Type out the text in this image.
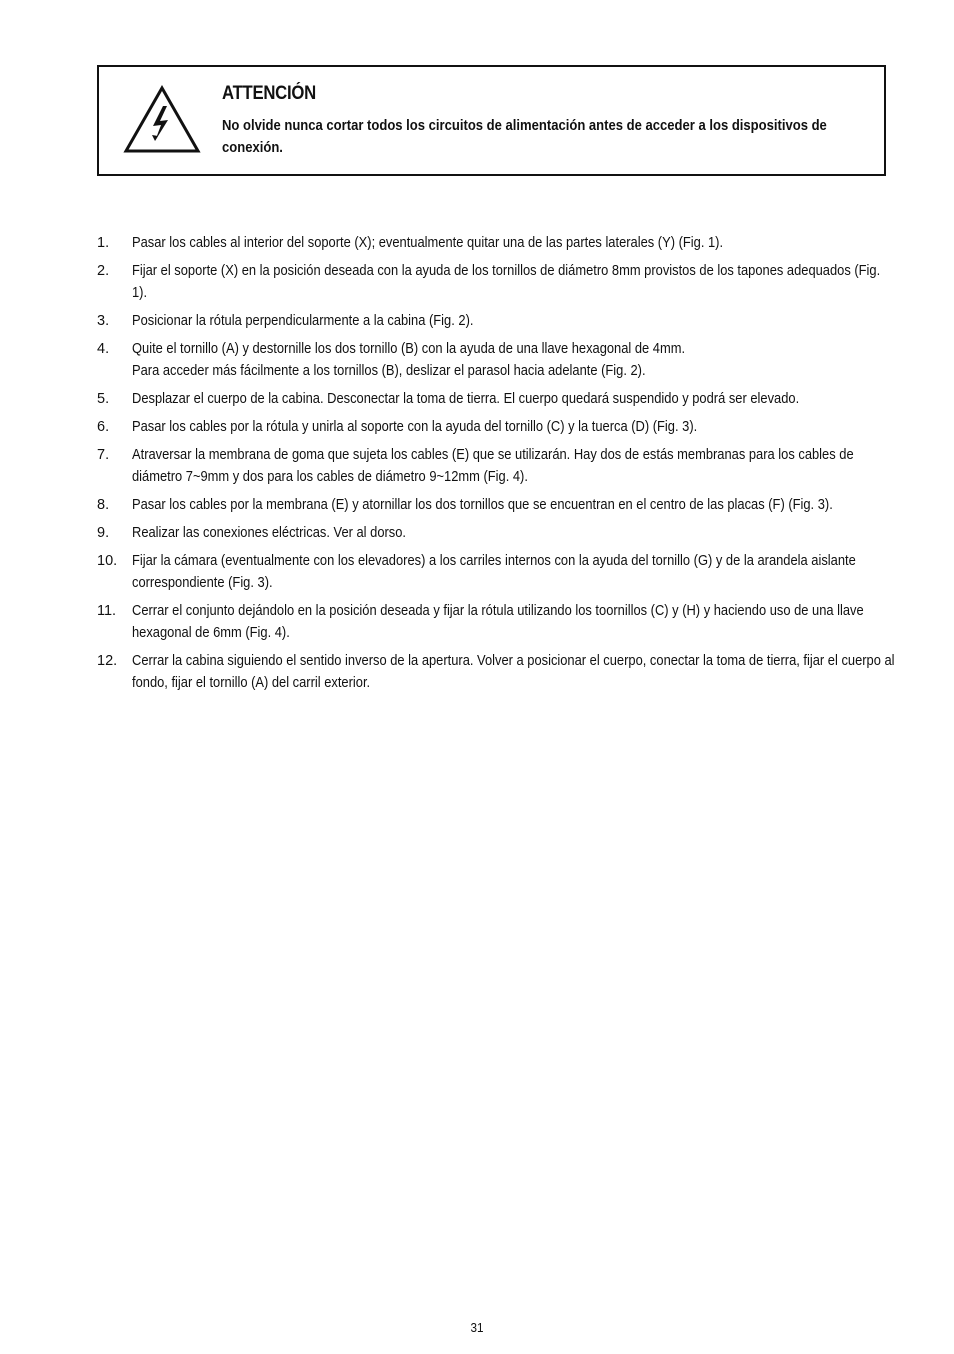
ATTENCIÓN
No olvide nunca cortar todos los circuitos de alimentación antes de acceder a los dispositivos de conexión.
1.	Pasar los cables al interior del soporte (X); eventualmente quitar una de las partes laterales (Y) (Fig. 1).
2.	Fijar el soporte (X) en la posición deseada con la ayuda de los tornillos de diámetro 8mm provistos de los tapones adequados (Fig. 1).
3.	Posicionar la rótula perpendicularmente a la cabina (Fig. 2).
4.	Quite el tornillo (A) y destornille los dos tornillo (B) con la ayuda de una llave hexagonal de 4mm.
Para acceder más fácilmente a los tornillos (B), deslizar el parasol hacia adelante (Fig. 2).
5.	Desplazar el cuerpo de la cabina. Desconectar la toma de tierra. El cuerpo quedará suspendido y podrá ser elevado.
6.	Pasar los cables por la rótula y unirla al soporte con la ayuda del tornillo (C) y la tuerca (D) (Fig. 3).
7.	Atraversar la membrana de goma que sujeta los cables (E) que se utilizarán. Hay dos de estás membranas para los cables de diámetro 7~9mm y dos para los cables de diámetro 9~12mm (Fig. 4).
8.	Pasar los cables por la membrana (E) y atornillar los dos tornillos que se encuentran en el centro de las placas (F) (Fig. 3).
9.	Realizar las conexiones eléctricas. Ver al dorso.
10.	Fijar la cámara (eventualmente con los elevadores) a los carriles internos con la ayuda del tornillo (G) y de la arandela aislante correspondiente (Fig. 3).
11.	Cerrar el conjunto dejándolo en la posición deseada y fijar la rótula utilizando los toornillos (C) y (H) y haciendo uso de una llave hexagonal de 6mm (Fig. 4).
12.	Cerrar la cabina siguiendo el sentido inverso de la apertura. Volver a posicionar el cuerpo, conectar la toma de tierra, fijar el cuerpo al fondo, fijar el tornillo (A) del carril exterior.
31
